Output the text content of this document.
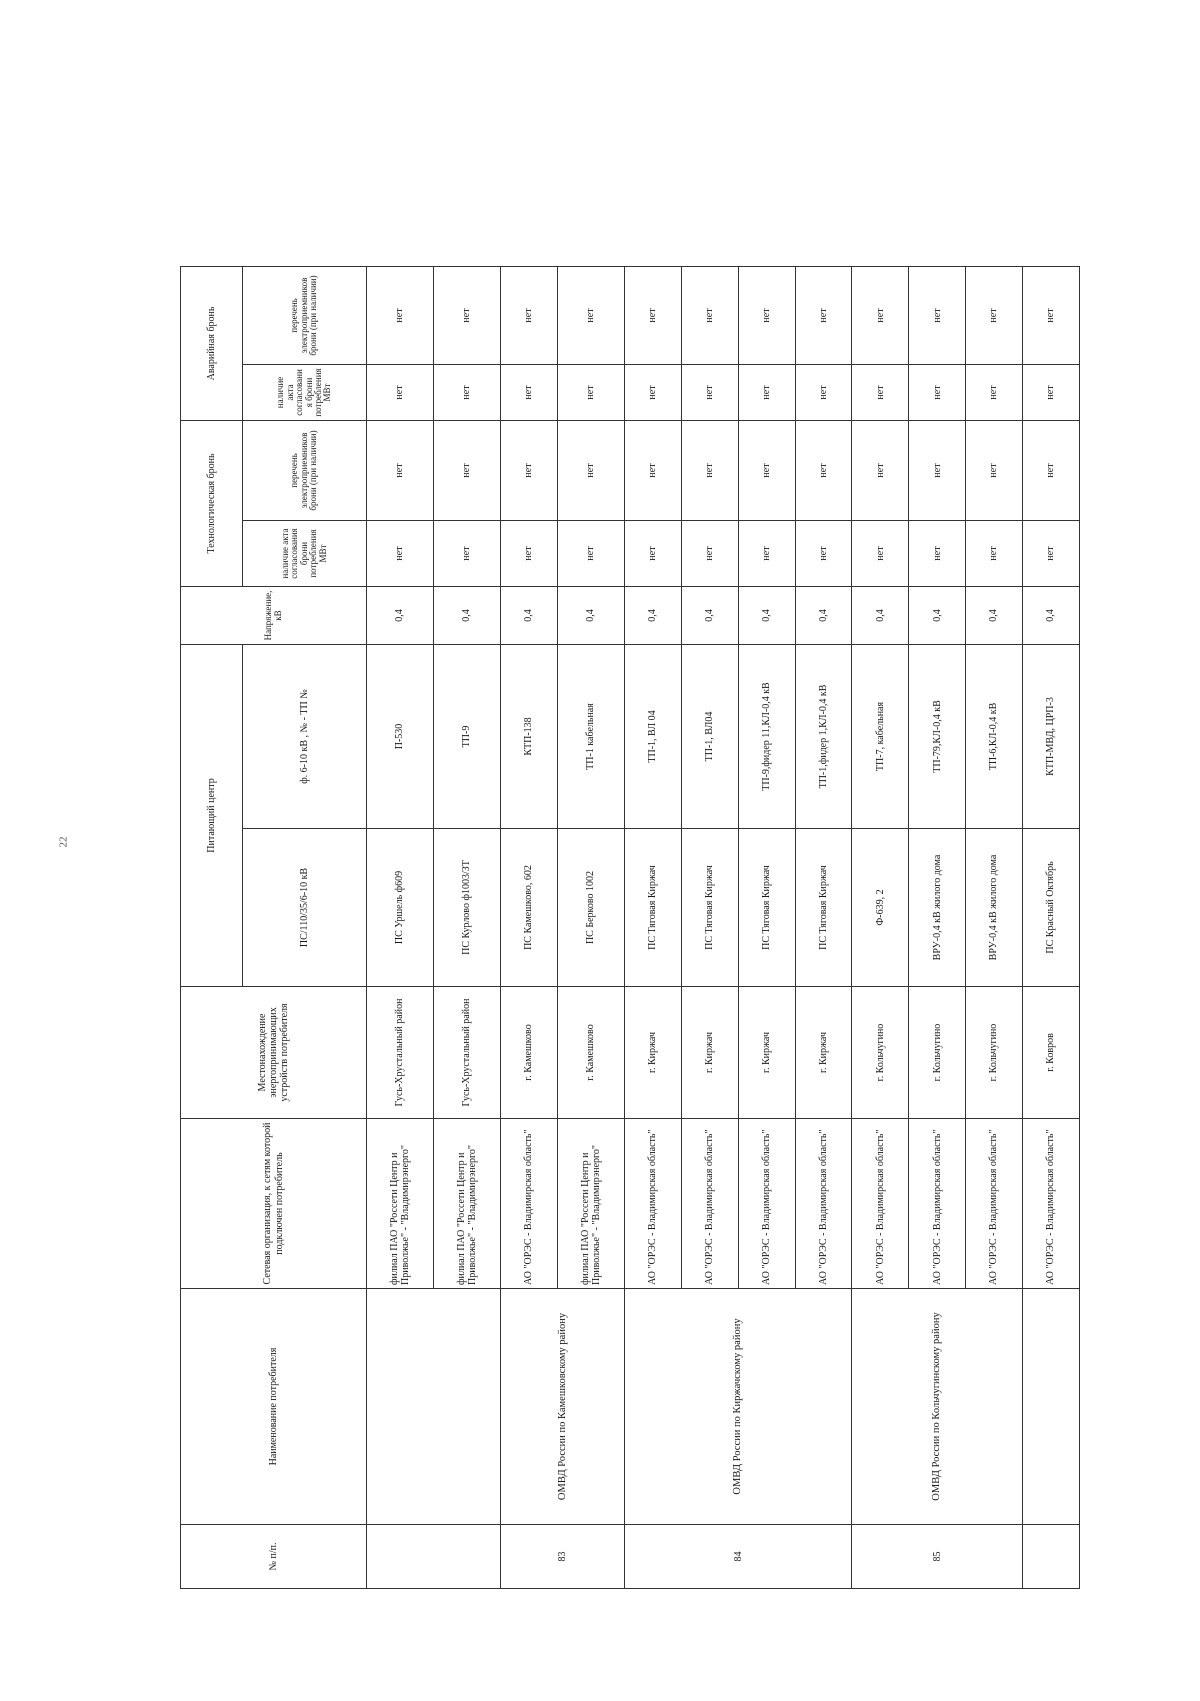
22
№ п/п.	Наименование потребителя	Сетевая организация, к сетям которой подключен потребитель	Местонахождение энергопринимающих устройств потребителя	Питающий центр		Напряжение, кВ	Технологическая бронь		Аварийная бронь	
				ПС/110/35/6-10 кВ	ф. 6-10 кВ , № - ТП №		наличие акта согласования брони потребления МВт	перечень электроприемников брони (при наличии)	наличие акта согласования брони потребления МВт	перечень электроприемников брони (при наличии)
		филиал ПАО "Россети Центр и Приволжье" - "Владимирэнерго"	Гусь-Хрустальный район	ПС Уршель ф609	П-530	0,4	нет	нет	нет	нет
		филиал ПАО "Россети Центр и Приволжье" - "Владимирэнерго"	Гусь-Хрустальный район	ПС Курлово ф1003/ЗТ	ТП-9	0,4	нет	нет	нет	нет
83	ОМВД России по Камешковскому району	АО "ОРЭС - Владимирская область"	г. Камешково	ПС Камешково, 602	КТП-138	0,4	нет	нет	нет	нет
		филиал ПАО "Россети Центр и Приволжье" - "Владимирэнерго"	г. Камешково	ПС Берково 1002	ТП-1 кабельная	0,4	нет	нет	нет	нет
84	ОМВД России по Киржачскому району	АО "ОРЭС - Владимирская область"	г. Киржач	ПС Тяговая Киржач	ТП-1, ВЛ 04	0,4	нет	нет	нет	нет
		АО "ОРЭС - Владимирская область"	г. Киржач	ПС Тяговая Киржач	ТП-1, ВЛ04	0,4	нет	нет	нет	нет
		АО "ОРЭС - Владимирская область"	г. Киржач	ПС Тяговая Киржач	ТП-9,фидер 11,КЛ-0,4 кВ	0,4	нет	нет	нет	нет
		АО "ОРЭС - Владимирская область"	г. Киржач	ПС Тяговая Киржач	ТП-1,фидер 1,КЛ-0,4 кВ	0,4	нет	нет	нет	нет
85	ОМВД России по Кольчугинскому району	АО "ОРЭС - Владимирская область"	г. Кольчугино	Ф-639, 2	ТП-7, кабельная	0,4	нет	нет	нет	нет
		АО "ОРЭС - Владимирская область"	г. Кольчугино	ВРУ-0,4 кВ жилого дома	ТП-79,КЛ-0,4 кВ	0,4	нет	нет	нет	нет
		АО "ОРЭС - Владимирская область"	г. Кольчугино	ВРУ-0,4 кВ жилого дома	ТП-6,КЛ-0,4 кВ	0,4	нет	нет	нет	нет
		АО "ОРЭС - Владимирская область"	г. Ковров	ПС Красный Октябрь	КТП-МВД, ЦРП-3	0,4	нет	нет	нет	нет
